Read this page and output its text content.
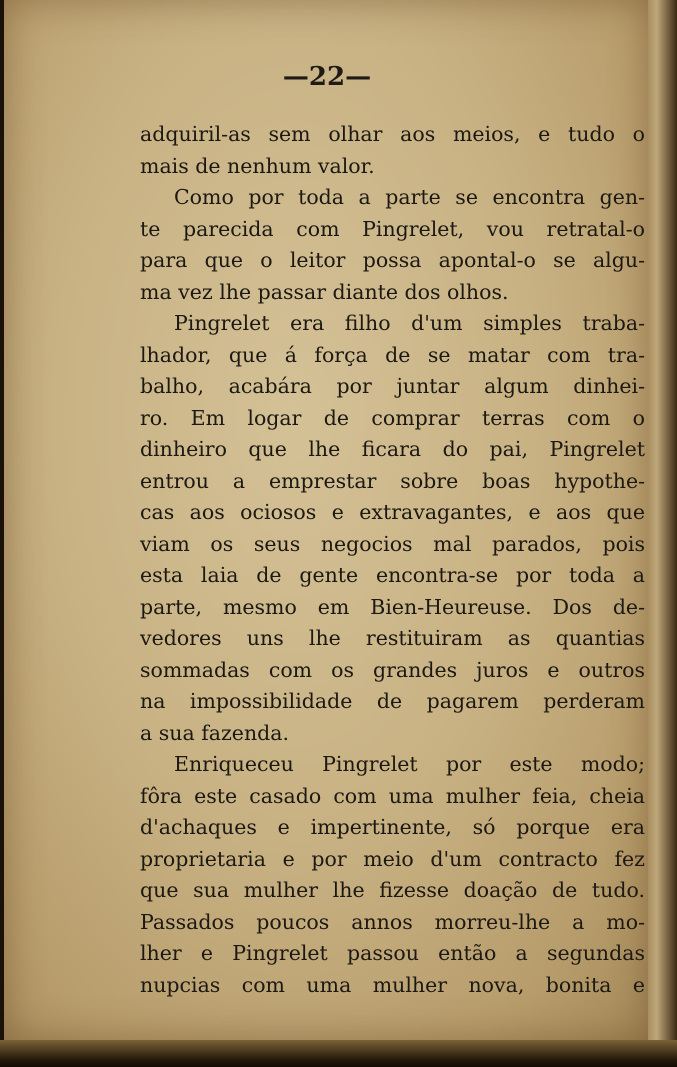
—22—
adquiril-as sem olhar aos meios, e tudo o
mais de nenhum valor.
Como por toda a parte se encontra gen-
te parecida com Pingrelet, vou retratal-o
para que o leitor possa apontal-o se algu-
ma vez lhe passar diante dos olhos.
Pingrelet era filho d'um simples traba-
lhador, que á força de se matar com tra-
balho, acabára por juntar algum dinhei-
ro. Em logar de comprar terras com o
dinheiro que lhe ficara do pai, Pingrelet
entrou a emprestar sobre boas hypothe-
cas aos ociosos e extravagantes, e aos que
viam os seus negocios mal parados, pois
esta laia de gente encontra-se por toda a
parte, mesmo em Bien-Heureuse. Dos de-
vedores uns lhe restituiram as quantias
sommadas com os grandes juros e outros
na impossibilidade de pagarem perderam
a sua fazenda.
Enriqueceu Pingrelet por este modo;
fôra este casado com uma mulher feia, cheia
d'achaques e impertinente, só porque era
proprietaria e por meio d'um contracto fez
que sua mulher lhe fizesse doação de tudo.
Passados poucos annos morreu-lhe a mo-
lher e Pingrelet passou então a segundas
nupcias com uma mulher nova, bonita e
